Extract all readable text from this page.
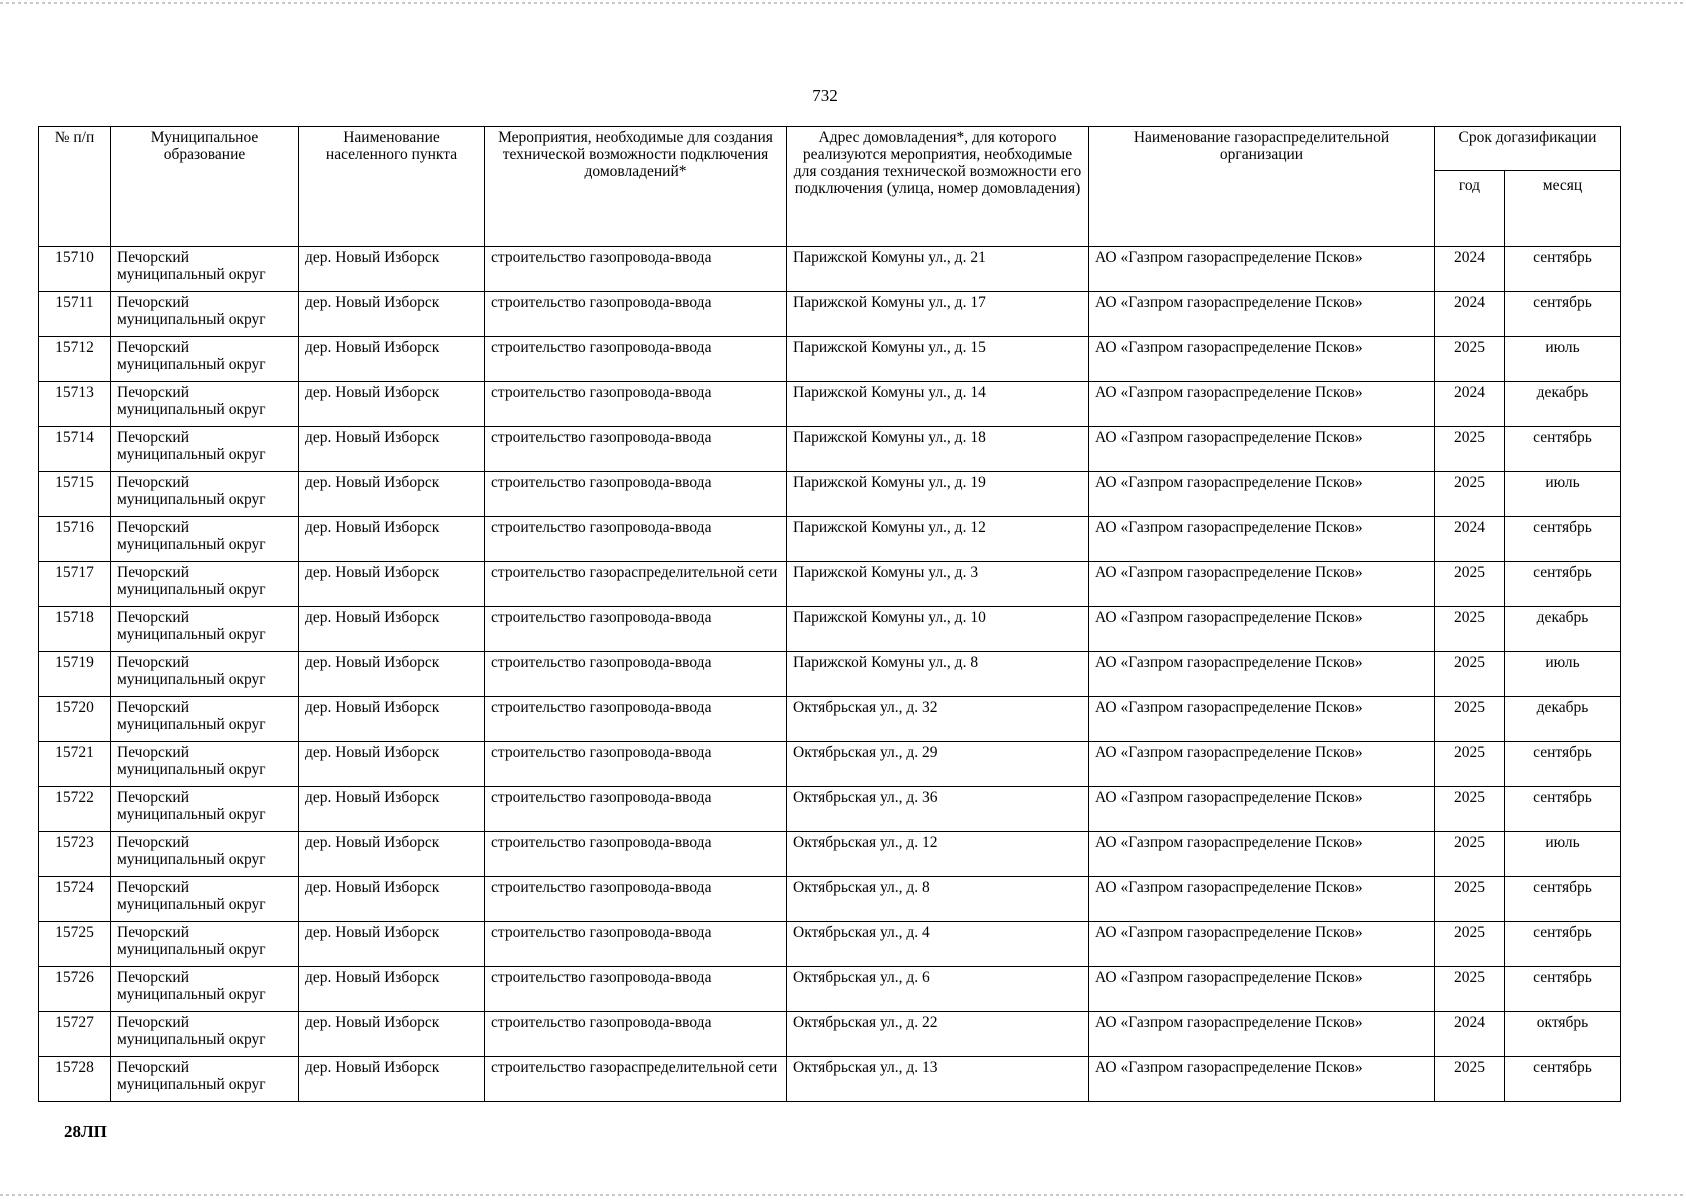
732
№ п/п	Муниципальное образование	Наименование населенного пункта	Мероприятия, необходимые для создания технической возможности подключения домовладений*	Адрес домовладения*, для которого реализуются мероприятия, необходимые для создания технической возможности его подключения (улица, номер домовладения)	Наименование газораспределительной организации	Срок догазификации	
						год	месяц
15710	Печорский муниципальный округ	дер. Новый Изборск	строительство газопровода-ввода	Парижской Комуны ул., д. 21	АО «Газпром газораспределение Псков»	2024	сентябрь
15711	Печорский муниципальный округ	дер. Новый Изборск	строительство газопровода-ввода	Парижской Комуны ул., д. 17	АО «Газпром газораспределение Псков»	2024	сентябрь
15712	Печорский муниципальный округ	дер. Новый Изборск	строительство газопровода-ввода	Парижской Комуны ул., д. 15	АО «Газпром газораспределение Псков»	2025	июль
15713	Печорский муниципальный округ	дер. Новый Изборск	строительство газопровода-ввода	Парижской Комуны ул., д. 14	АО «Газпром газораспределение Псков»	2024	декабрь
15714	Печорский муниципальный округ	дер. Новый Изборск	строительство газопровода-ввода	Парижской Комуны ул., д. 18	АО «Газпром газораспределение Псков»	2025	сентябрь
15715	Печорский муниципальный округ	дер. Новый Изборск	строительство газопровода-ввода	Парижской Комуны ул., д. 19	АО «Газпром газораспределение Псков»	2025	июль
15716	Печорский муниципальный округ	дер. Новый Изборск	строительство газопровода-ввода	Парижской Комуны ул., д. 12	АО «Газпром газораспределение Псков»	2024	сентябрь
15717	Печорский муниципальный округ	дер. Новый Изборск	строительство газораспределительной сети	Парижской Комуны ул., д. 3	АО «Газпром газораспределение Псков»	2025	сентябрь
15718	Печорский муниципальный округ	дер. Новый Изборск	строительство газопровода-ввода	Парижской Комуны ул., д. 10	АО «Газпром газораспределение Псков»	2025	декабрь
15719	Печорский муниципальный округ	дер. Новый Изборск	строительство газопровода-ввода	Парижской Комуны ул., д. 8	АО «Газпром газораспределение Псков»	2025	июль
15720	Печорский муниципальный округ	дер. Новый Изборск	строительство газопровода-ввода	Октябрьская ул., д. 32	АО «Газпром газораспределение Псков»	2025	декабрь
15721	Печорский муниципальный округ	дер. Новый Изборск	строительство газопровода-ввода	Октябрьская ул., д. 29	АО «Газпром газораспределение Псков»	2025	сентябрь
15722	Печорский муниципальный округ	дер. Новый Изборск	строительство газопровода-ввода	Октябрьская ул., д. 36	АО «Газпром газораспределение Псков»	2025	сентябрь
15723	Печорский муниципальный округ	дер. Новый Изборск	строительство газопровода-ввода	Октябрьская ул., д. 12	АО «Газпром газораспределение Псков»	2025	июль
15724	Печорский муниципальный округ	дер. Новый Изборск	строительство газопровода-ввода	Октябрьская ул., д. 8	АО «Газпром газораспределение Псков»	2025	сентябрь
15725	Печорский муниципальный округ	дер. Новый Изборск	строительство газопровода-ввода	Октябрьская ул., д. 4	АО «Газпром газораспределение Псков»	2025	сентябрь
15726	Печорский муниципальный округ	дер. Новый Изборск	строительство газопровода-ввода	Октябрьская ул., д. 6	АО «Газпром газораспределение Псков»	2025	сентябрь
15727	Печорский муниципальный округ	дер. Новый Изборск	строительство газопровода-ввода	Октябрьская ул., д. 22	АО «Газпром газораспределение Псков»	2024	октябрь
15728	Печорский муниципальный округ	дер. Новый Изборск	строительство газораспределительной сети	Октябрьская ул., д. 13	АО «Газпром газораспределение Псков»	2025	сентябрь
28ЛП
